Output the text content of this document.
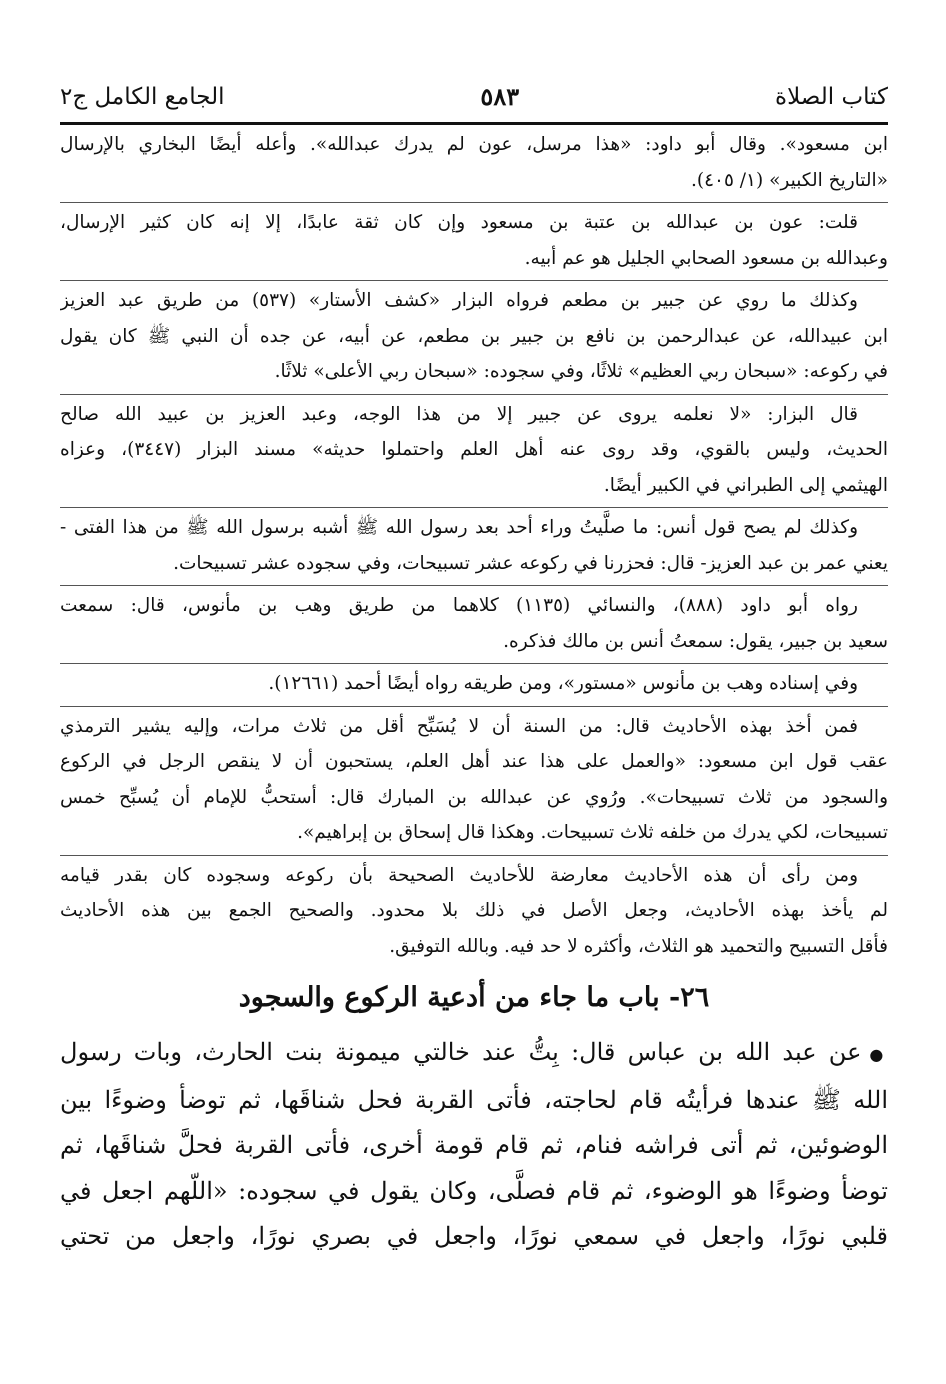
كتاب الصلاة
٥٨٣
الجامع الكامل ج٢

ابن مسعود». وقال أبو داود: «هذا مرسل، عون لم يدرك عبدالله». وأعله أيضًا البخاري بالإرسال
«التاريخ الكبير» (١/ ٤٠٥).

قلت: عون بن عبدالله بن عتبة بن مسعود وإن كان ثقة عابدًا، إلا إنه كان كثير الإرسال،
وعبدالله بن مسعود الصحابي الجليل هو عم أبيه.

وكذلك ما روي عن جبير بن مطعم فرواه البزار «كشف الأستار» (٥٣٧) من طريق عبد العزيز
ابن عبيدالله، عن عبدالرحمن بن نافع بن جبير بن مطعم، عن أبيه، عن جده أن النبي ﷺ كان يقول
في ركوعه: «سبحان ربي العظيم» ثلاثًا، وفي سجوده: «سبحان ربي الأعلى» ثلاثًا.

قال البزار: «لا نعلمه يروى عن جبير إلا من هذا الوجه، وعبد العزيز بن عبيد الله صالح
الحديث، وليس بالقوي، وقد روى عنه أهل العلم واحتملوا حديثه» مسند البزار (٣٤٤٧)، وعزاه
الهيثمي إلى الطبراني في الكبير أيضًا.

وكذلك لم يصح قول أنس: ما صلَّيتُ وراء أحد بعد رسول الله ﷺ أشبه برسول الله ﷺ من هذا الفتى -
يعني عمر بن عبد العزيز- قال: فحزرنا في ركوعه عشر تسبيحات، وفي سجوده عشر تسبيحات.

رواه أبو داود (٨٨٨)، والنسائي (١١٣٥) كلاهما من طريق وهب بن مأنوس، قال: سمعت
سعيد بن جبير، يقول: سمعتُ أنس بن مالك فذكره.

وفي إسناده وهب بن مأنوس «مستور»، ومن طريقه رواه أيضًا أحمد (١٢٦٦١).

فمن أخذ بهذه الأحاديث قال: من السنة أن لا يُسَبِّح أقل من ثلاث مرات، وإليه يشير الترمذي
عقب قول ابن مسعود: «والعمل على هذا عند أهل العلم، يستحبون أن لا ينقص الرجل في الركوع
والسجود من ثلاث تسبيحات». ورُوي عن عبدالله بن المبارك قال: أستحبُّ للإمام أن يُسبِّح خمس
تسبيحات، لكي يدرك من خلفه ثلاث تسبيحات. وهكذا قال إسحاق بن إبراهيم».

ومن رأى أن هذه الأحاديث معارضة للأحاديث الصحيحة بأن ركوعه وسجوده كان بقدر قيامه
لم يأخذ بهذه الأحاديث، وجعل الأصل في ذلك بلا محدود. والصحيح الجمع بين هذه الأحاديث
فأقل التسبيح والتحميد هو الثلاث، وأكثره لا حد فيه. وبالله التوفيق.

٢٦- باب ما جاء من أدعية الركوع والسجود
●عن عبد الله بن عباس قال: بِتُّ عند خالتي ميمونة بنت الحارث، وبات رسول
الله ﷺ عندها فرأيتُه قام لحاجته، فأتى القربة فحل شناقَها، ثم توضأ وضوءًا بين
الوضوئين، ثم أتى فراشه فنام، ثم قام قومة أخرى، فأتى القربة فحلَّ شناقَها، ثم
توضأ وضوءًا هو الوضوء، ثم قام فصلَّى، وكان يقول في سجوده: «اللّهم اجعل في
قلبي نورًا، واجعل في سمعي نورًا، واجعل في بصري نورًا، واجعل من تحتي
